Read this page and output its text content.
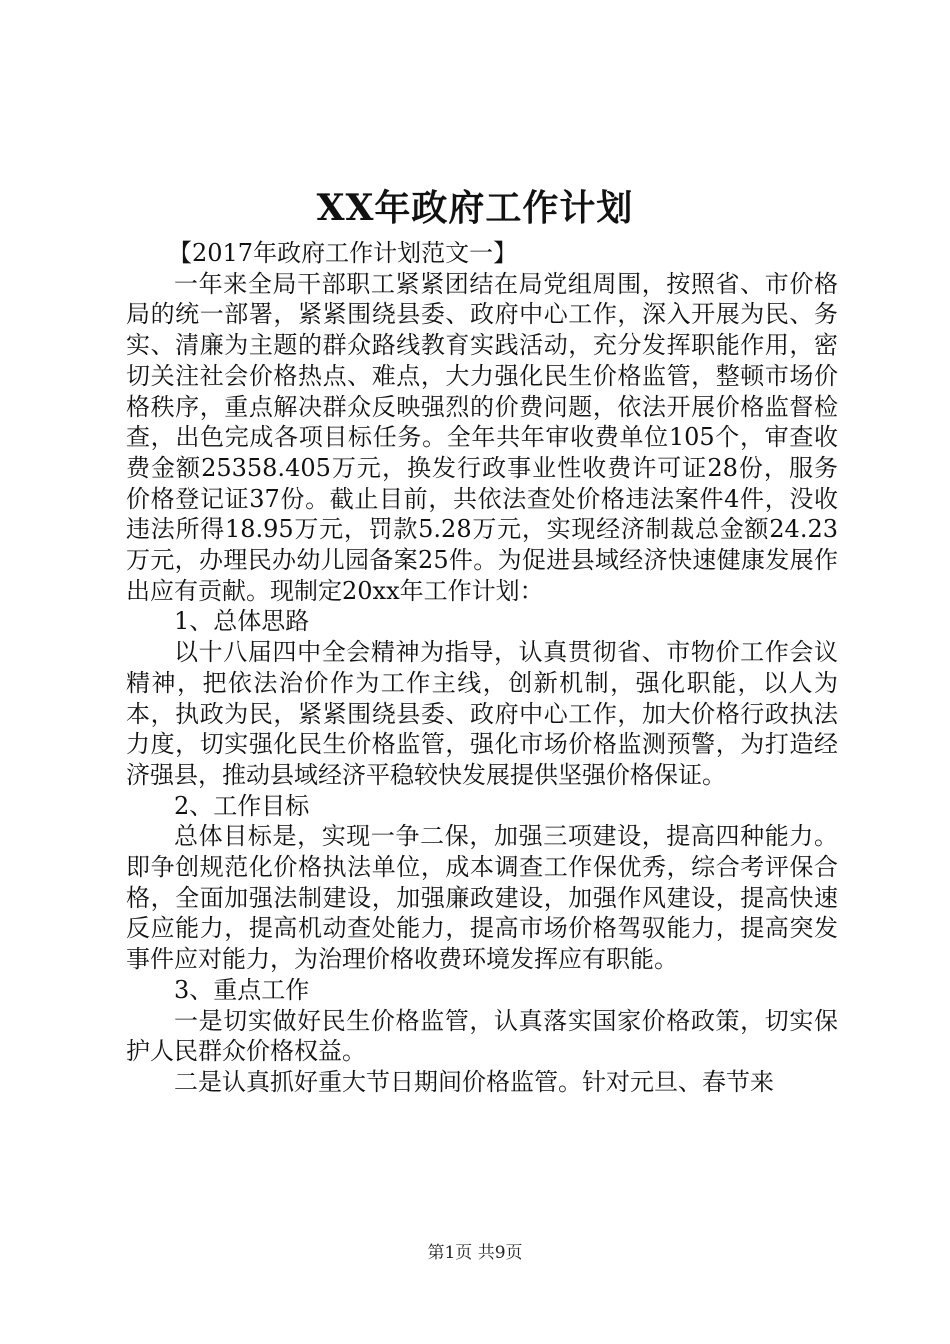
XX年政府工作计划

【2017年政府工作计划范文一】

一年来全局干部职工紧紧团结在局党组周围，按照省、市价格局的统一部署，紧紧围绕县委、政府中心工作，深入开展为民、务实、清廉为主题的群众路线教育实践活动，充分发挥职能作用，密切关注社会价格热点、难点，大力强化民生价格监管，整顿市场价格秩序，重点解决群众反映强烈的价费问题，依法开展价格监督检查，出色完成各项目标任务。全年共年审收费单位105个，审查收费金额25358.405万元，换发行政事业性收费许可证28份，服务价格登记证37份。截止目前，共依法查处价格违法案件4件，没收违法所得18.95万元，罚款5.28万元，实现经济制裁总金额24.23万元，办理民办幼儿园备案25件。为促进县域经济快速健康发展作出应有贡献。现制定20xx年工作计划：

1、总体思路

以十八届四中全会精神为指导，认真贯彻省、市物价工作会议精神，把依法治价作为工作主线，创新机制，强化职能，以人为本，执政为民，紧紧围绕县委、政府中心工作，加大价格行政执法力度，切实强化民生价格监管，强化市场价格监测预警，为打造经济强县，推动县域经济平稳较快发展提供坚强价格保证。

2、工作目标

总体目标是，实现一争二保，加强三项建设，提高四种能力。即争创规范化价格执法单位，成本调查工作保优秀，综合考评保合格，全面加强法制建设，加强廉政建设，加强作风建设，提高快速反应能力，提高机动查处能力，提高市场价格驾驭能力，提高突发事件应对能力，为治理价格收费环境发挥应有职能。

3、重点工作

一是切实做好民生价格监管，认真落实国家价格政策，切实保护人民群众价格权益。

二是认真抓好重大节日期间价格监管。针对元旦、春节来

第1页 共9页
